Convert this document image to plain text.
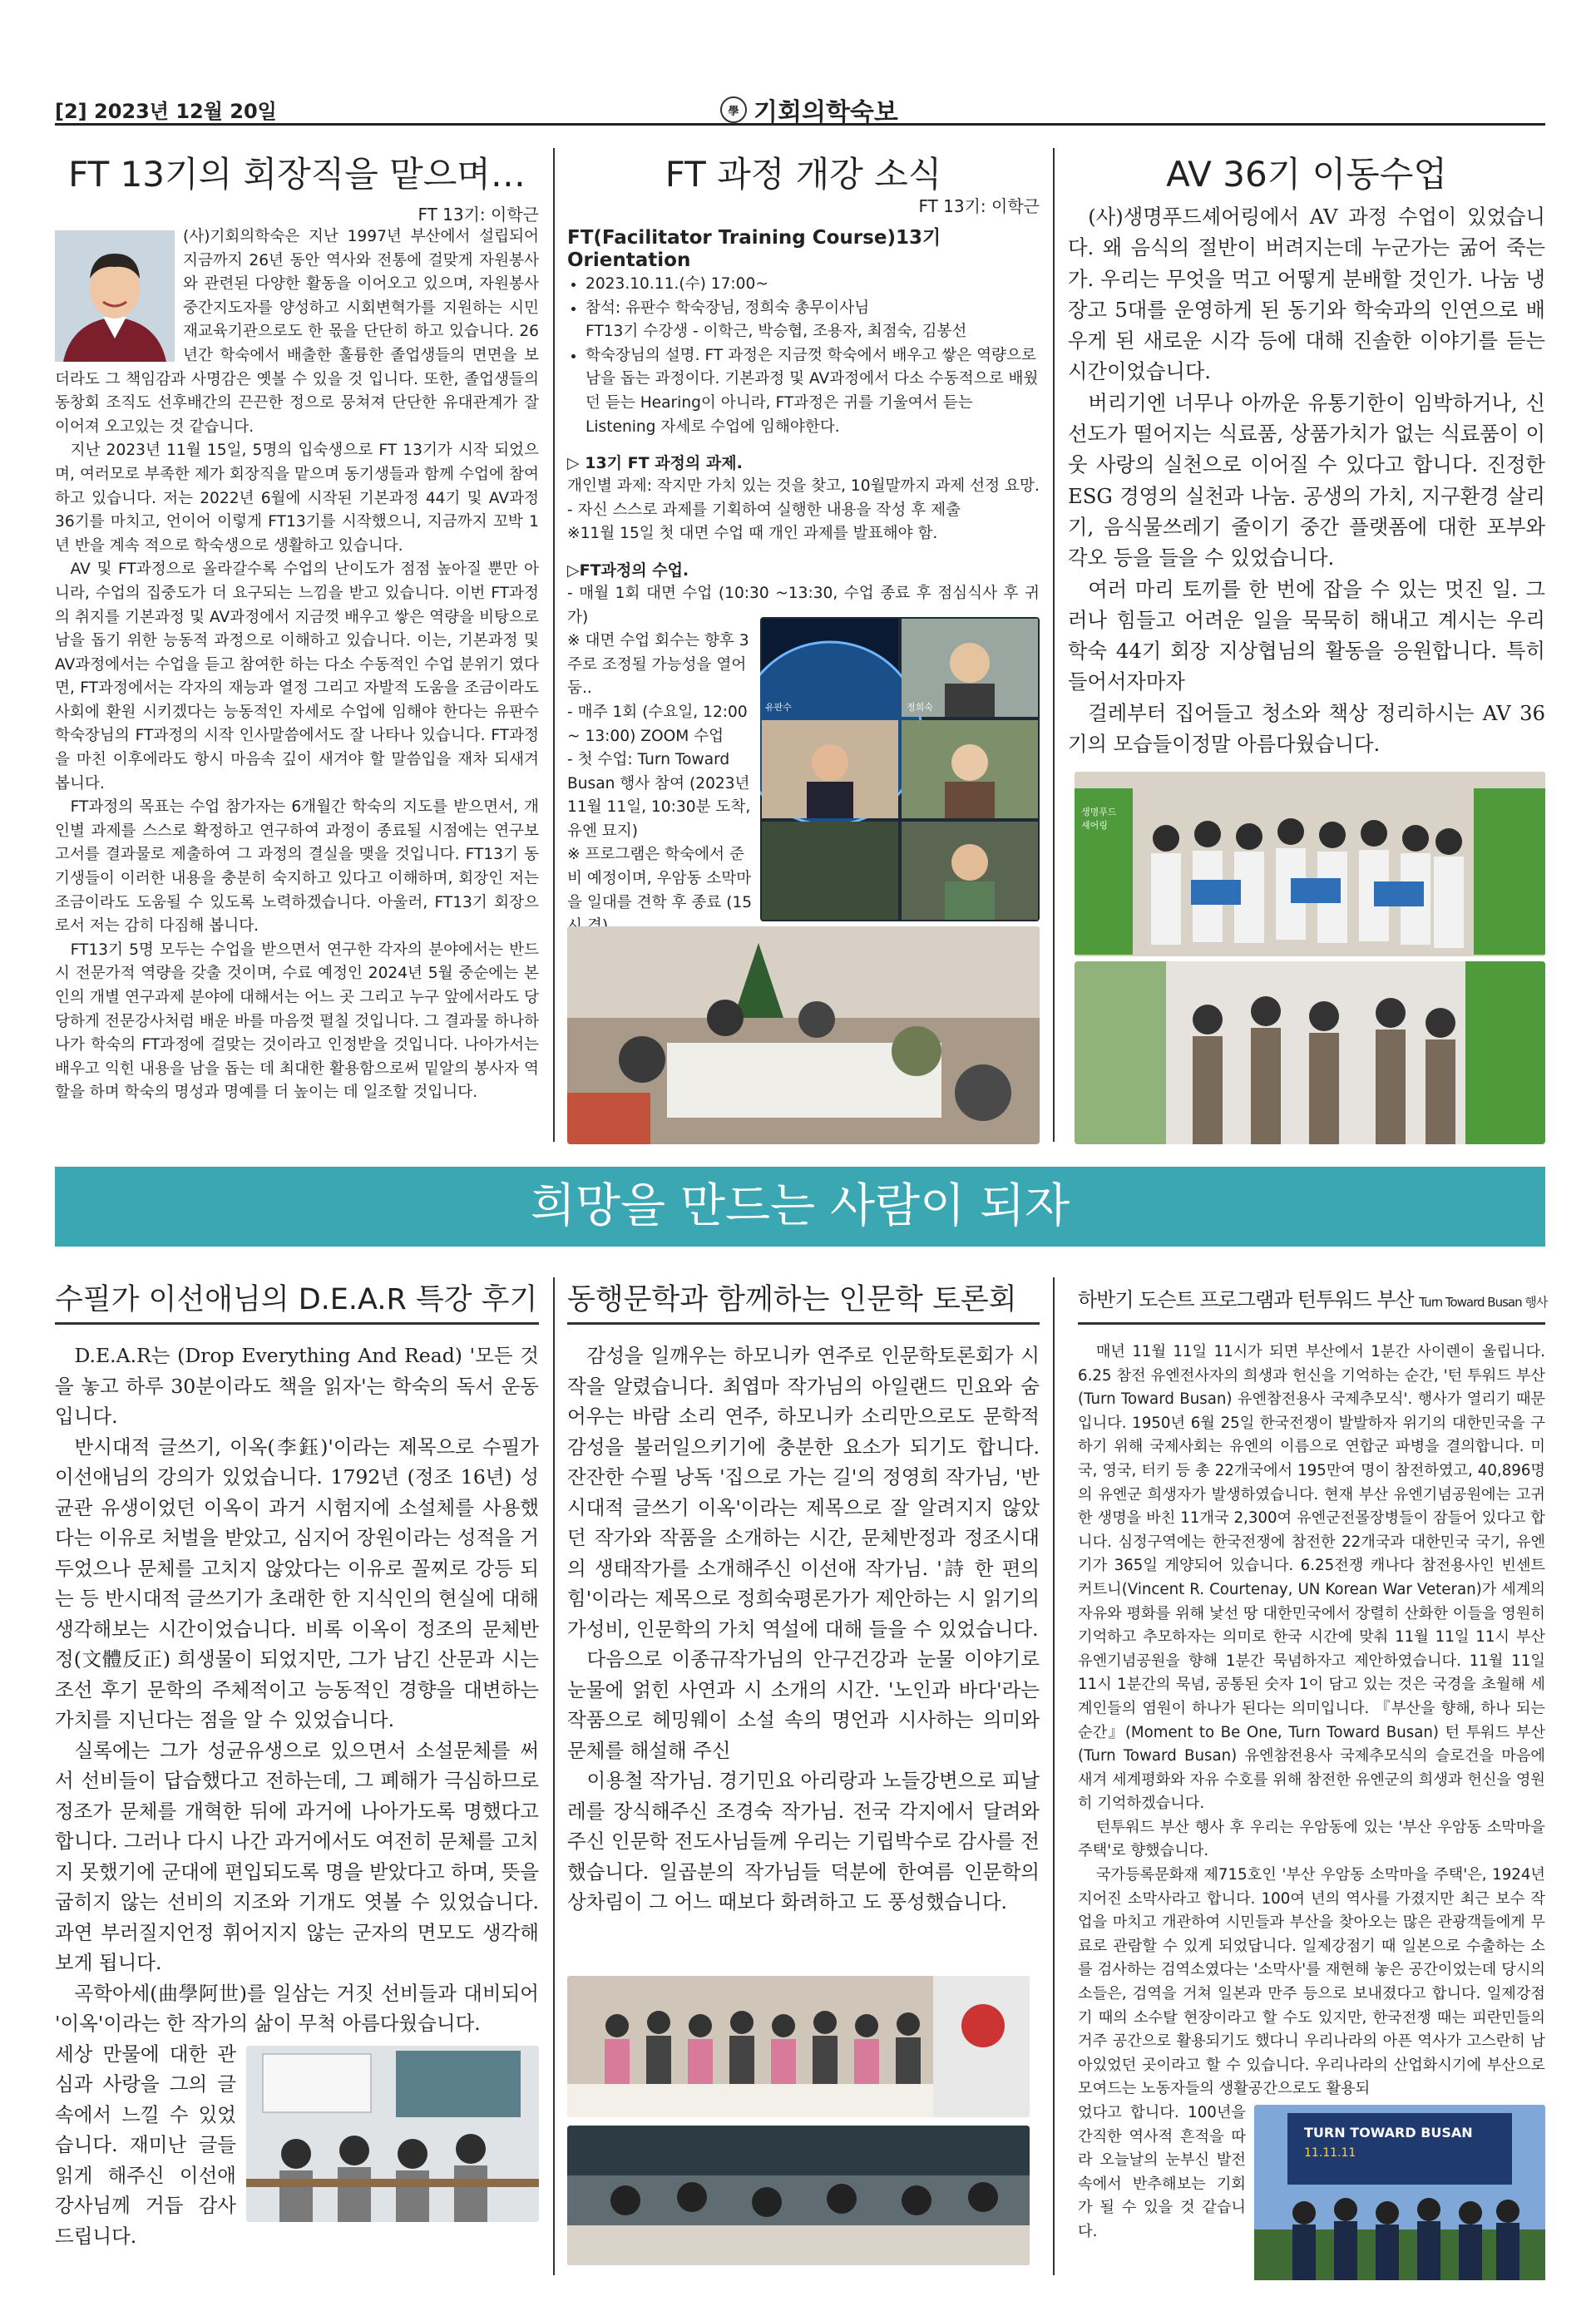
[2] 2023년 12월 20일	學 기회의학숙보
FT 13기의 회장직을 맡으며…
FT 13기: 이학근

(사)기회의학숙은 지난 1997년 부산에서 설립되어 지금까지 26년 동안 역사와 전통에 걸맞게 자원봉사와 관련된 다양한 활동을 이어오고 있으며, 자원봉사 중간지도자를 양성하고 시회변혁가를 지원하는 시민 재교육기관으로도 한 몫을 단단히 하고 있습니다. 26년간 학숙에서 배출한 훌륭한 졸업생들의 면면을 보더라도 그 책임감과 사명감은 옛볼 수 있을 것 입니다. 또한, 졸업생들의 동창회 조직도 선후배간의 끈끈한 정으로 뭉쳐져 단단한 유대관계가 잘 이어져 오고있는 것 같습니다.

지난 2023년 11월 15일, 5명의 입숙생으로 FT 13기가 시작 되었으며, 여러모로 부족한 제가 회장직을 맡으며 동기생들과 함께 수업에 참여하고 있습니다. 저는 2022년 6월에 시작된 기본과정 44기 및 AV과정 36기를 마치고, 언이어 이렇게 FT13기를 시작했으니, 지금까지 꼬박 1년 반을 계속 적으로 학숙생으로 생활하고 있습니다.

AV 및 FT과정으로 올라갈수록 수업의 난이도가 점점 높아질 뿐만 아니라, 수업의 집중도가 더 요구되는 느낌을 받고 있습니다. 이번 FT과정의 취지를 기본과정 및 AV과정에서 지금껏 배우고 쌓은 역량을 비탕으로 남을 돕기 위한 능동적 과정으로 이해하고 있습니다. 이는, 기본과정 및 AV과정에서는 수업을 듣고 참여한 하는 다소 수동적인 수업 분위기 였다면, FT과정에서는 각자의 재능과 열정 그리고 자발적 도움을 조금이라도 사회에 환원 시키겠다는 능동적인 자세로 수업에 임해야 한다는 유판수 학숙장님의 FT과정의 시작 인사말씀에서도 잘 나타나 있습니다. FT과정을 마친 이후에라도 항시 마음속 깊이 새겨야 할 말씀입을 재차 되새겨 봅니다.

FT과정의 목표는 수업 참가자는 6개월간 학숙의 지도를 받으면서, 개인별 과제를 스스로 확정하고 연구하여 과정이 종료될 시점에는 연구보고서를 결과물로 제출하여 그 과정의 결실을 맺을 것입니다. FT13기 동기생들이 이러한 내용을 충분히 숙지하고 있다고 이해하며, 회장인 저는 조금이라도 도움될 수 있도록 노력하겠습니다. 아울러, FT13기 회장으로서 저는 감히 다짐해 봅니다.

FT13기 5명 모두는 수업을 받으면서 연구한 각자의 분야에서는 반드시 전문가적 역량을 갖출 것이며, 수료 예정인 2024년 5월 중순에는 본인의 개별 연구과제 분야에 대해서는 어느 곳 그리고 누구 앞에서라도 당당하게 전문강사처럼 배운 바를 마음껏 펼칠 것입니다. 그 결과물 하나하나가 학숙의 FT과정에 걸맞는 것이라고 인정받을 것입니다. 나아가서는 배우고 익힌 내용을 남을 돕는 데 최대한 활용함으로써 밑알의 봉사자 역할을 하며 학숙의 명성과 명예를 더 높이는 데 일조할 것입니다.

FT 과정 개강 소식
FT 13기: 이학근
FT(Facilitator Training Course)13기 Orientation
• 2023.10.11.(수) 17:00~
• 참석: 유판수 학숙장님, 정희숙 총무이사님
FT13기 수강생 - 이학근, 박승협, 조용자, 최점숙, 김봉선
• 학숙장님의 설명. FT 과정은 지금껏 학숙에서 배우고 쌓은 역량으로 남을 돕는 과정이다. 기본과정 및 AV과정에서 다소 수동적으로 배웠던 듣는 Hearing이 아니라, FT과정은 귀를 기울여서 듣는 Listening 자세로 수업에 임해야한다.
▷ 13기 FT 과정의 과제.

개인별 과제: 작지만 가치 있는 것을 찾고, 10월말까지 과제 선정 요망.

- 자신 스스로 과제를 기획하여 실행한 내용을 작성 후 제출

※11월 15일 첫 대면 수업 때 개인 과제를 발표해야 함.

▷FT과정의 수업.

- 매월 1회 대면 수업 (10:30 ~13:30, 수업 종료 후 점심식사 후 귀가)

※ 대면 수업 회수는 향후 3주로 조정될 가능성을 열어 둠..

- 매주 1회 (수요일, 12:00 ~ 13:00) ZOOM 수업

- 첫 수업: Turn Toward Busan 행사 참여 (2023년 11월 11일, 10:30분 도착, 유엔 묘지)

※ 프로그램은 학숙에서 준비 예정이며, 우암동 소막마을 일대를 견학 후 종료 (15

유판수	정희숙
AV 36기 이동수업

(사)생명푸드셰어링에서 AV 과정 수업이 있었습니다. 왜 음식의 절반이 버려지는데 누군가는 굶어 죽는가. 우리는 무엇을 먹고 어떻게 분배할 것인가. 나눔 냉장고 5대를 운영하게 된 동기와 학숙과의 인연으로 배우게 된 새로운 시각 등에 대해 진솔한 이야기를 듣는 시간이었습니다.

버리기엔 너무나 아까운 유통기한이 임박하거나, 신선도가 떨어지는 식료품, 상품가치가 없는 식료품이 이웃 사랑의 실천으로 이어질 수 있다고 합니다. 진정한 ESG 경영의 실천과 나눔. 공생의 가치, 지구환경 살리기, 음식물쓰레기 줄이기 중간 플랫폼에 대한 포부와 각오 등을 들을 수 있었습니다.

여러 마리 토끼를 한 번에 잡을 수 있는 멋진 일. 그러나 힘들고 어려운 일을 묵묵히 해내고 계시는 우리 학숙 44기 회장 지상협님의 활동을 응원합니다. 특히 들어서자마자

걸레부터 집어들고 청소와 책상 정리하시는 AV 36기의 모습들이정말 아름다웠습니다.

생명푸드 셰어링
희망을 만드는 사람이 되자
수필가 이선애님의 D.E.A.R 특강 후기 동행문학과 함께하는 인문학 토론회	하반기 도슨트 프로그램과 턴투워드 부산 Turn Toward Busan 행사

D.E.A.R는 (Drop Everything And Read) '모든 것을 놓고 하루 30분이라도 책을 읽자'는 학숙의 독서 운동입니다.

반시대적 글쓰기, 이옥(李鈺)'이라는 제목으로 수필가 이선애님의 강의가 있었습니다. 1792년 (정조 16년) 성균관 유생이었던 이옥이 과거 시험지에 소설체를 사용했다는 이유로 처벌을 받았고, 심지어 장원이라는 성적을 거두었으나 문체를 고치지 않았다는 이유로 꼴찌로 강등 되는 등 반시대적 글쓰기가 초래한 한 지식인의 현실에 대해 생각해보는 시간이었습니다. 비록 이옥이 정조의 문체반정(文體反正) 희생물이 되었지만, 그가 남긴 산문과 시는 조선 후기 문학의 주체적이고 능동적인 경향을 대변하는 가치를 지닌다는 점을 알 수 있었습니다.

실록에는 그가 성균유생으로 있으면서 소설문체를 써서 선비들이 답습했다고 전하는데, 그 폐해가 극심하므로 정조가 문체를 개혁한 뒤에 과거에 나아가도록 명했다고 합니다. 그러나 다시 나간 과거에서도 여전히 문체를 고치지 못했기에 군대에 편입되도록 명을 받았다고 하며, 뜻을 굽히지 않는 선비의 지조와 기개도 엿볼 수 있었습니다. 과연 부러질지언정 휘어지지 않는 군자의 면모도 생각해보게 됩니다.

곡학아세(曲學阿世)를 일삼는 거짓 선비들과 대비되어 '이옥'이라는 한 작가의 삶이 무척 아름다웠습니다.

세상 만물에 대한 관심과 사랑을 그의 글 속에서 느낄 수 있었습니다. 재미난 글들 읽게 해주신 이선애강사님께 거듭 감사드립니다.

감성을 일깨우는 하모니카 연주로 인문학토론회가 시작을 알렸습니다. 최엽마 작가님의 아일랜드 민요와 숨어우는 바람 소리 연주, 하모니카 소리만으로도 문학적 감성을 불러일으키기에 충분한 요소가 되기도 합니다. 잔잔한 수필 낭독 '집으로 가는 길'의 정영희 작가님, '반시대적 글쓰기 이옥'이라는 제목으로 잘 알려지지 않았던 작가와 작품을 소개하는 시간, 문체반정과 정조시대의 생태작가를 소개해주신 이선애 작가님. '詩 한 편의 힘'이라는 제목으로 정희숙평론가가 제안하는 시 읽기의 가성비, 인문학의 가치 역설에 대해 들을 수 있었습니다.

다음으로 이종규작가님의 안구건강과 눈물 이야기로 눈물에 얽힌 사연과 시 소개의 시간. '노인과 바다'라는 작품으로 헤밍웨이 소설 속의 명언과 시사하는 의미와 문체를 해설해 주신

이용철 작가님. 경기민요 아리랑과 노들강변으로 피날레를 장식해주신 조경숙 작가님. 전국 각지에서 달려와 주신 인문학 전도사님들께 우리는 기립박수로 감사를 전했습니다. 일곱분의 작가님들 덕분에 한여름 인문학의 상차림이 그 어느 때보다 화려하고 도 풍성했습니다.

매년 11월 11일 11시가 되면 부산에서 1분간 사이렌이 울립니다. 6.25 참전 유엔전사자의 희생과 헌신을 기억하는 순간, '턴 투워드 부산(Turn Toward Busan) 유엔참전용사 국제추모식'. 행사가 열리기 때문입니다. 1950년 6월 25일 한국전쟁이 발발하자 위기의 대한민국을 구하기 위해 국제사회는 유엔의 이름으로 연합군 파병을 결의합니다. 미국, 영국, 터키 등 총 22개국에서 195만여 명이 참전하였고, 40,896명의 유엔군 희생자가 발생하였습니다. 현재 부산 유엔기념공원에는 고귀한 생명을 바친 11개국 2,300여 유엔군전몰장병들이 잠들어 있다고 합니다. 심정구역에는 한국전쟁에 참전한 22개국과 대한민국 국기, 유엔기가 365일 게양되어 있습니다. 6.25전쟁 캐나다 참전용사인 빈센트 커트니(Vincent R. Courtenay, UN Korean War Veteran)가 세계의 자유와 평화를 위해 낯선 땅 대한민국에서 장렬히 산화한 이들을 영원히 기억하고 추모하자는 의미로 한국 시간에 맞춰 11월 11일 11시 부산 유엔기념공원을 향해 1분간 묵념하자고 제안하였습니다. 11월 11일 11시 1분간의 묵념, 공통된 숫자 1이 담고 있는 것은 국경을 초월해 세계인들의 염원이 하나가 된다는 의미입니다. 『부산을 향해, 하나 되는 순간』(Moment to Be One, Turn Toward Busan) 턴 투워드 부산(Turn Toward Busan) 유엔참전용사 국제추모식의 슬로건을 마음에 새겨 세계평화와 자유 수호를 위해 참전한 유엔군의 희생과 헌신을 영원히 기억하겠습니다.

턴투워드 부산 행사 후 우리는 우암동에 있는 '부산 우암동 소막마을 주택'로 향했습니다.

국가등록문화재 제715호인 '부산 우암동 소막마을 주택'은, 1924년 지어진 소막사라고 합니다. 100여 년의 역사를 가졌지만 최근 보수 작업을 마치고 개관하여 시민들과 부산을 찾아오는 많은 관광객들에게 무료로 관람할 수 있게 되었답니다. 일제강점기 때 일본으로 수출하는 소를 검사하는 검역소였다는 '소막사'를 재현해 놓은 공간이었는데 당시의 소들은, 검역을 거쳐 일본과 만주 등으로 보내졌다고 합니다. 일제강점기 때의 소수탈 현장이라고 할 수도 있지만, 한국전쟁 때는 피란민들의 거주 공간으로 활용되기도 했다니 우리나라의 아픈 역사가 고스란히 남아있었던 곳이라고 할 수 있습니다. 우리나라의 산업화시기에 부산으로 모여드는 노동자들의 생활공간으로도 활용되

TURN TOWARD BUSAN
11.11.11

었다고 합니다. 100년을 간직한 역사적 흔적을 따라 오늘날의 눈부신 발전 속에서 반추해보는 기회가 될 수 있을 것 같습니다.
